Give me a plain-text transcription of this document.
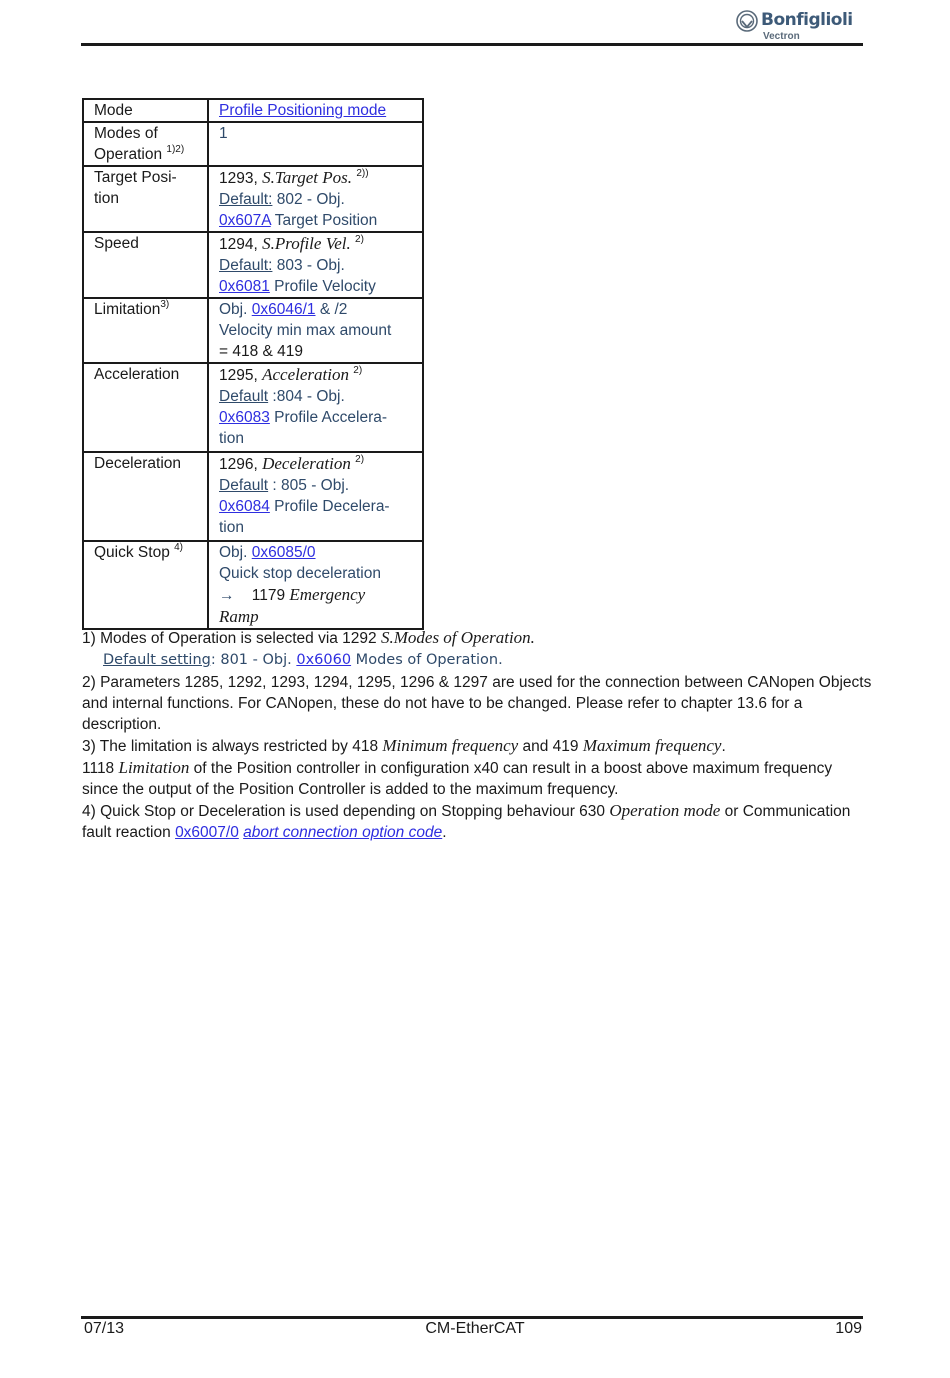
Bonfiglioli
Vectron
Mode	Profile Positioning mode
Modes of Operation $^{1)2)}$	1
Target Posi-
tion	1293, S.Target Pos. $^{2))}$
Default: 802 - Obj.
0x607A Target Position
Speed	1294, S.Profile Vel. $^{2)}$
Default: 803 - Obj.
0x6081 Profile Velocity
Limitation$^{3)}$	Obj. 0x6046/1 & /2
Velocity min max amount
= 418 & 419
Acceleration	1295, Acceleration $^{2)}$
Default :804 - Obj.
0x6083 Profile Accelera-
tion
Deceleration	1296, Deceleration $^{2)}$
Default : 805 - Obj.
0x6084 Profile Decelera-
tion
Quick Stop $^{4)}$	Obj. 0x6085/0
Quick stop deceleration
→ 1179 Emergency
Ramp

1) Modes of Operation is selected via 1292 S.Modes of Operation.

Default setting: 801 - Obj. 0x6060 Modes of Operation.

2) Parameters 1285, 1292, 1293, 1294, 1295, 1296 & 1297 are used for the connection between CANopen Objects and internal functions. For CANopen, these do not have to be changed. Please refer to chapter 13.6 for a description.

3) The limitation is always restricted by 418 Minimum frequency and 419 Maximum frequency.

1118 Limitation of the Position controller in configuration x40 can result in a boost above maximum frequency since the output of the Position Controller is added to the maximum frequency.

4) Quick Stop or Deceleration is used depending on Stopping behaviour 630 Operation mode or Communication fault reaction 0x6007/0 abort connection option code.

07/13	CM-EtherCAT	109
